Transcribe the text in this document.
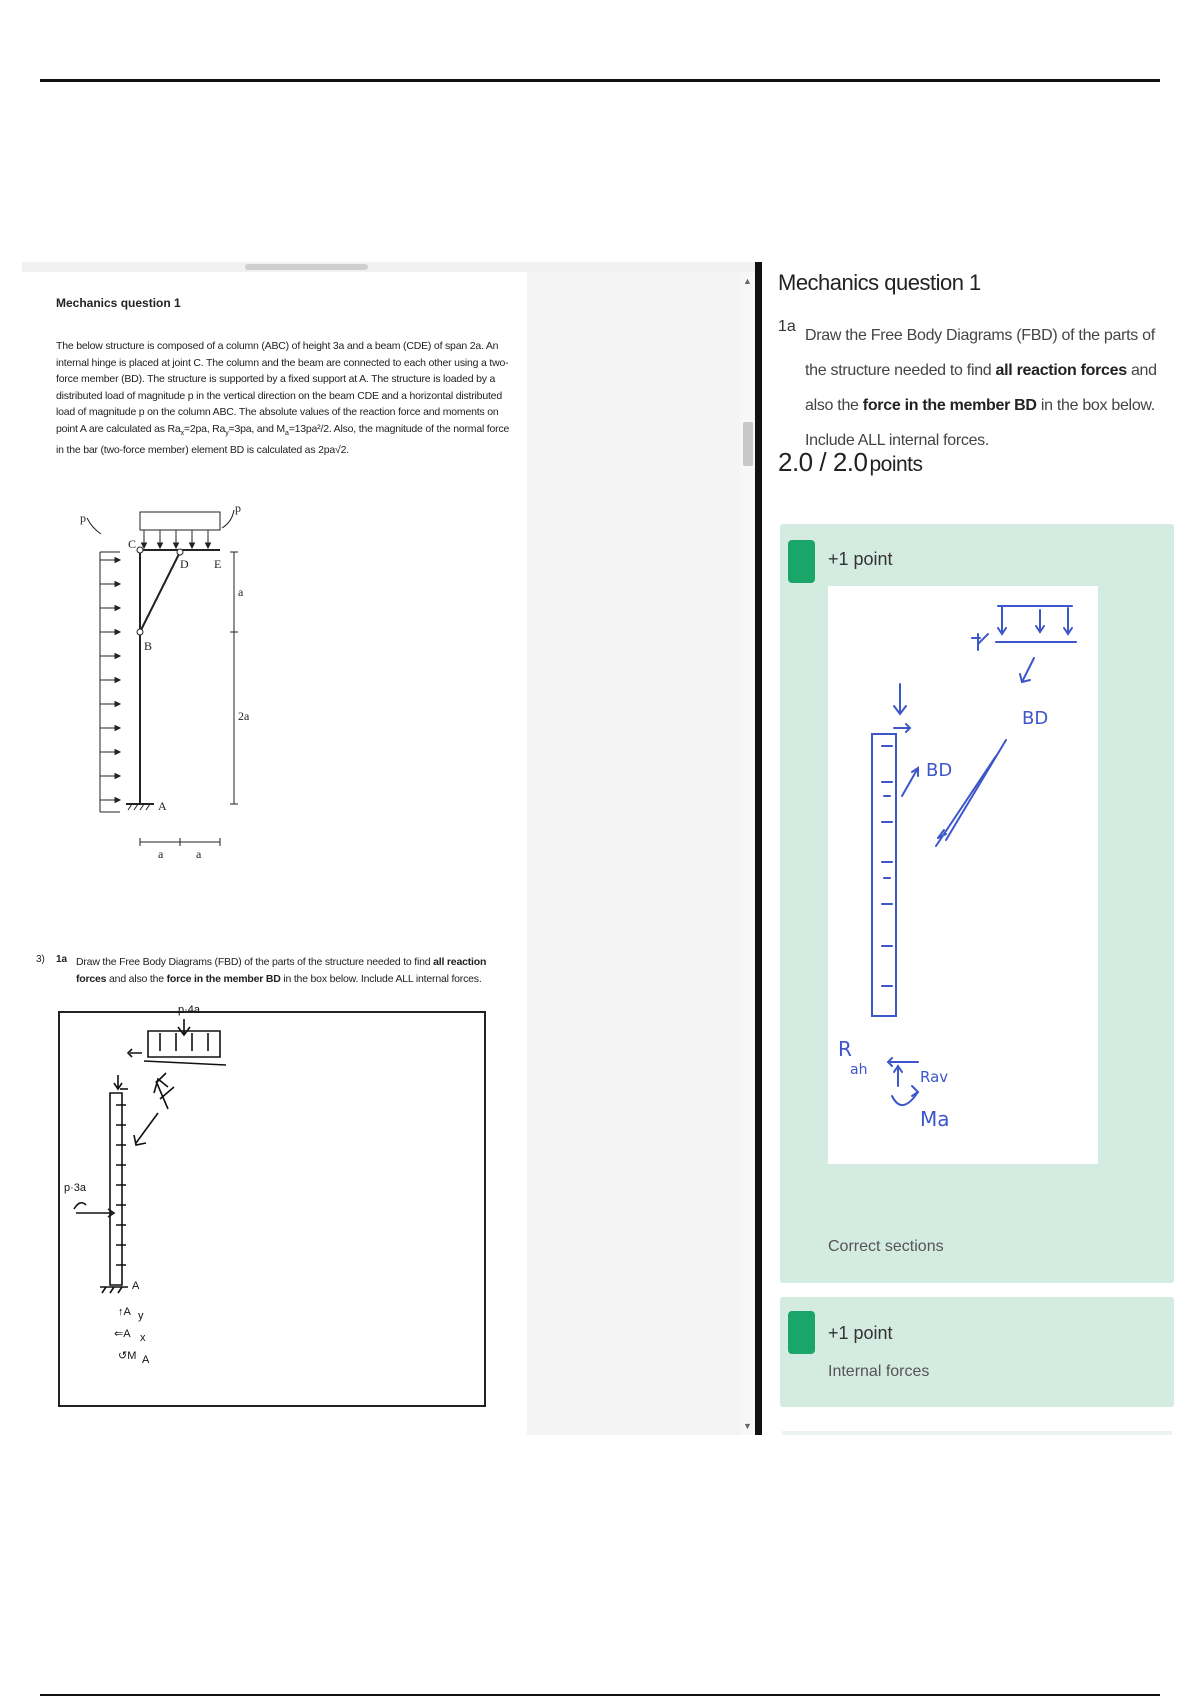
Mechanics question 1
The below structure is composed of a column (ABC) of height 3a and a beam (CDE) of span 2a. An internal hinge is placed at joint C. The column and the beam are connected to each other using a two-force member (BD). The structure is supported by a fixed support at A. The structure is loaded by a distributed load of magnitude p in the vertical direction on the beam CDE and a horizontal distributed load of magnitude p on the column ABC. The absolute values of the reaction force and moments on point A are calculated as $Ra_x=2pa$, $Ra_y=3pa$, and $M_a=13pa^2/2$. Also, the magnitude of the normal force in the bar (two-force member) element BD is calculated as 2pa√2.
p
p
C
D E
B
A
a
2a
a	a
3) 1a Draw the Free Body Diagrams (FBD) of the parts of the structure needed to find all reaction forces and also the force in the member BD in the box below. Include ALL internal forces.
p·4a
p·3a
A
↑A y
⇐A x
↺M A
▲
▼
Mechanics question 1
1a
Draw the Free Body Diagrams (FBD) of the parts of the structure needed to find all reaction forces and also the force in the member BD in the box below. Include ALL internal forces.
2.0 / 2.0points
+1 point
BD
BD
R
ah	Rav
Ma
Correct sections
+1 point
Internal forces
